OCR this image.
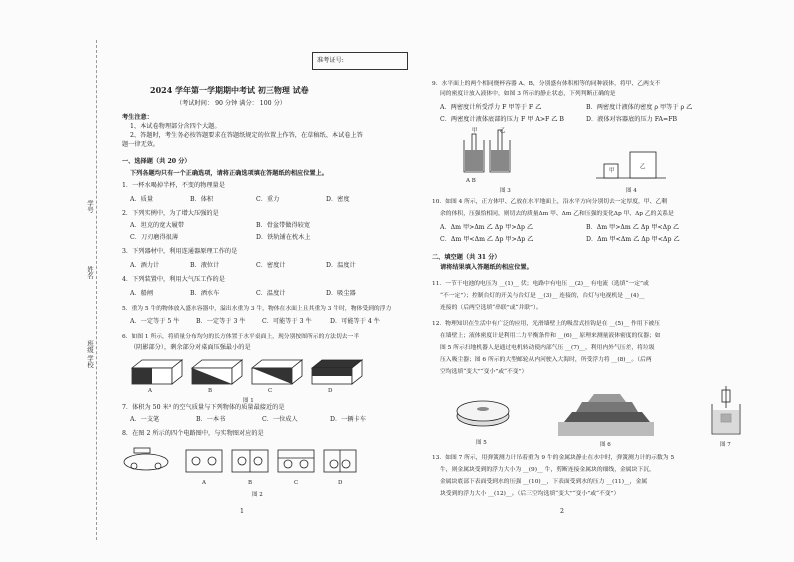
学号
姓名
班级
学校
准考证号:
2024 学年第一学期期中考试 初三物理 试卷
（考试时间： 90 分钟 满分： 100 分）
考生注意：
1、本试卷物理部分含四个大题。
2、答题时，考生务必按答题要求在答题纸规定的位置上作答，在草稿纸、本试卷上答
题一律无效。
一、选择题（共 20 分）
下列各题均只有一个正确选项，请将正确选项填在答题纸的相应位置上。
1．一杯水喝掉半杯，不变的物理量是
A．质量	B．体积	C．重力	D．密度
2．下列实例中，为了增大压强的是
A．坦克的宽大履带	B．骨盆带做得较宽
C．刀刃磨得很薄	D．铁轨铺在枕木上
3．下列器材中，利用连通器原理工作的是
A．酒力计	B．液位计	C．密度计	D．温度计
4．下列装置中，利用大气压工作的是
A．船闸	B．洒水车	C．温度计	D．吸尘器
5．重为 5 牛的物体放入盛水容器中，溢出水重为 3 牛，物体在水面上且其重为 3 牛时，物体受到的浮力
A．一定等于 5 牛	B．一定等于 3 牛	C．可能等于 3 牛	D．可能等于 4 牛
6．如图 1 所示，将质量分布均匀的长方体置于水平桌面上，现分别按图所示的方法切去一半
（阴影部分），剩余部分对桌面压强最小的是
A	B	C	D
图 1
7．体积为 50 米³ 的空气质量与下列物体的质量最接近的是
A．一支笔	B．一本书	C．一位成人	D．一辆卡车
8．在图 2 所示的四个电路图中，与实物图对应的是
A	B	C	D
图 2
1
9．水平面上的两个相同烧杯容器 A、B，分别盛有体积相等的同种液体，将甲、乙两支不
同的密度计放入液体中，如图 3 所示的静止状态，下列判断正确的是
A．两密度计所受浮力 F 甲等于 F 乙	B．两密度计液体的密度 ρ 甲等于 ρ 乙
C．两密度计液体底部的压力 F 甲 A>F 乙 B	D．液体对容器底的压力 FA=FB
甲	乙
A B
图 3
甲
乙
图 4
10．如图 4 所示，正方体甲、乙放在水平地面上，沿水平方向分别切去一定厚度，甲、乙剩
余的体积，压强恰相同，则切去的质量Δm 甲、Δm 乙和压强的变化Δp 甲、Δp 乙的关系是
A．Δm 甲>Δm 乙 Δp 甲>Δp 乙	B．Δm 甲>Δm 乙 Δp 甲<Δp 乙
C．Δm 甲<Δm 乙 Δp 甲>Δp 乙	D．Δm 甲<Δm 乙 Δp 甲<Δp 乙
二、填空题（共 31 分）
请将结果填入答题纸的相应位置。
11．一节干电池的电压为 __(1)__ 伏；电路中有电压 __(2)__ 有电流（选填“一定”或
“不一定”）；控制台灯的开关与台灯是 __(3)__ 连接的，台灯与电视机是 __(4)__
连接的（后两空选填“串联”或“并联”）。
12．物理知识在生活中有广泛的应用，光滑墙壁上的吸盘式挂钩是在 __(5)__ 作用下被压
在墙壁上；液体密度计是利用二力平衡条件和 __(6)__ 原理来测量液体密度的仪器；如
图 5 所示扫地机器人是通过电机转动使内部气压 __(7)__，利用内外气压差，将垃圾
压入吸尘器；图 6 所示的大型邮轮从内河驶入大海时，所受浮力将 __(8)__。（后两
空均选填“变大”“变小”或“不变”）
图 5	图 6	图 7
13．如图 7 所示，用弹簧测力计吊着重为 9 牛的金属块静止在水中时，弹簧测力计的示数为 5
牛，则金属块受到的浮力大小为 __(9)__ 牛，剪断连接金属块的细线，金属块下沉，
金属块底部下表面受到水的压强 __(10)__，下表面受到水的压力 __(11)__，金属
块受到的浮力大小 __(12)__。（后三空均选填“变大”“变小”或“不变”）
2
